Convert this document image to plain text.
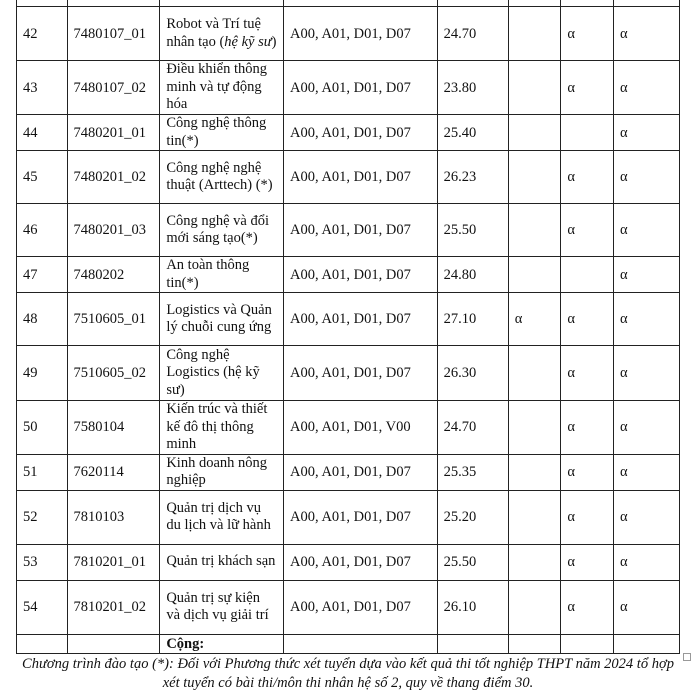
42	7480107_01	Robot và Trí tuệ nhân tạo (hệ kỹ sư)	A00, A01, D01, D07	24.70		α	α
43	7480107_02	Điều khiển thông minh và tự động hóa	A00, A01, D01, D07	23.80		α	α
44	7480201_01	Công nghệ thông tin(*)	A00, A01, D01, D07	25.40			α
45	7480201_02	Công nghệ nghệ thuật (Arttech) (*)	A00, A01, D01, D07	26.23		α	α
46	7480201_03	Công nghệ và đổi mới sáng tạo(*)	A00, A01, D01, D07	25.50		α	α
47	7480202	An toàn thông tin(*)	A00, A01, D01, D07	24.80			α
48	7510605_01	Logistics và Quản lý chuỗi cung ứng	A00, A01, D01, D07	27.10	α	α	α
49	7510605_02	Công nghệ Logistics (hệ kỹ sư)	A00, A01, D01, D07	26.30		α	α
50	7580104	Kiến trúc và thiết kế đô thị thông minh	A00, A01, D01, V00	24.70		α	α
51	7620114	Kinh doanh nông nghiệp	A00, A01, D01, D07	25.35		α	α
52	7810103	Quản trị dịch vụ du lịch và lữ hành	A00, A01, D01, D07	25.20		α	α
53	7810201_01	Quản trị khách sạn	A00, A01, D01, D07	25.50		α	α
54	7810201_02	Quản trị sự kiện và dịch vụ giải trí	A00, A01, D01, D07	26.10		α	α
		Cộng:					
Chương trình đào tạo (*): Đối với Phương thức xét tuyển dựa vào kết quả thi tốt nghiệp THPT năm 2024 tổ hợp xét tuyển có bài thi/môn thi nhân hệ số 2, quy về thang điểm 30.
